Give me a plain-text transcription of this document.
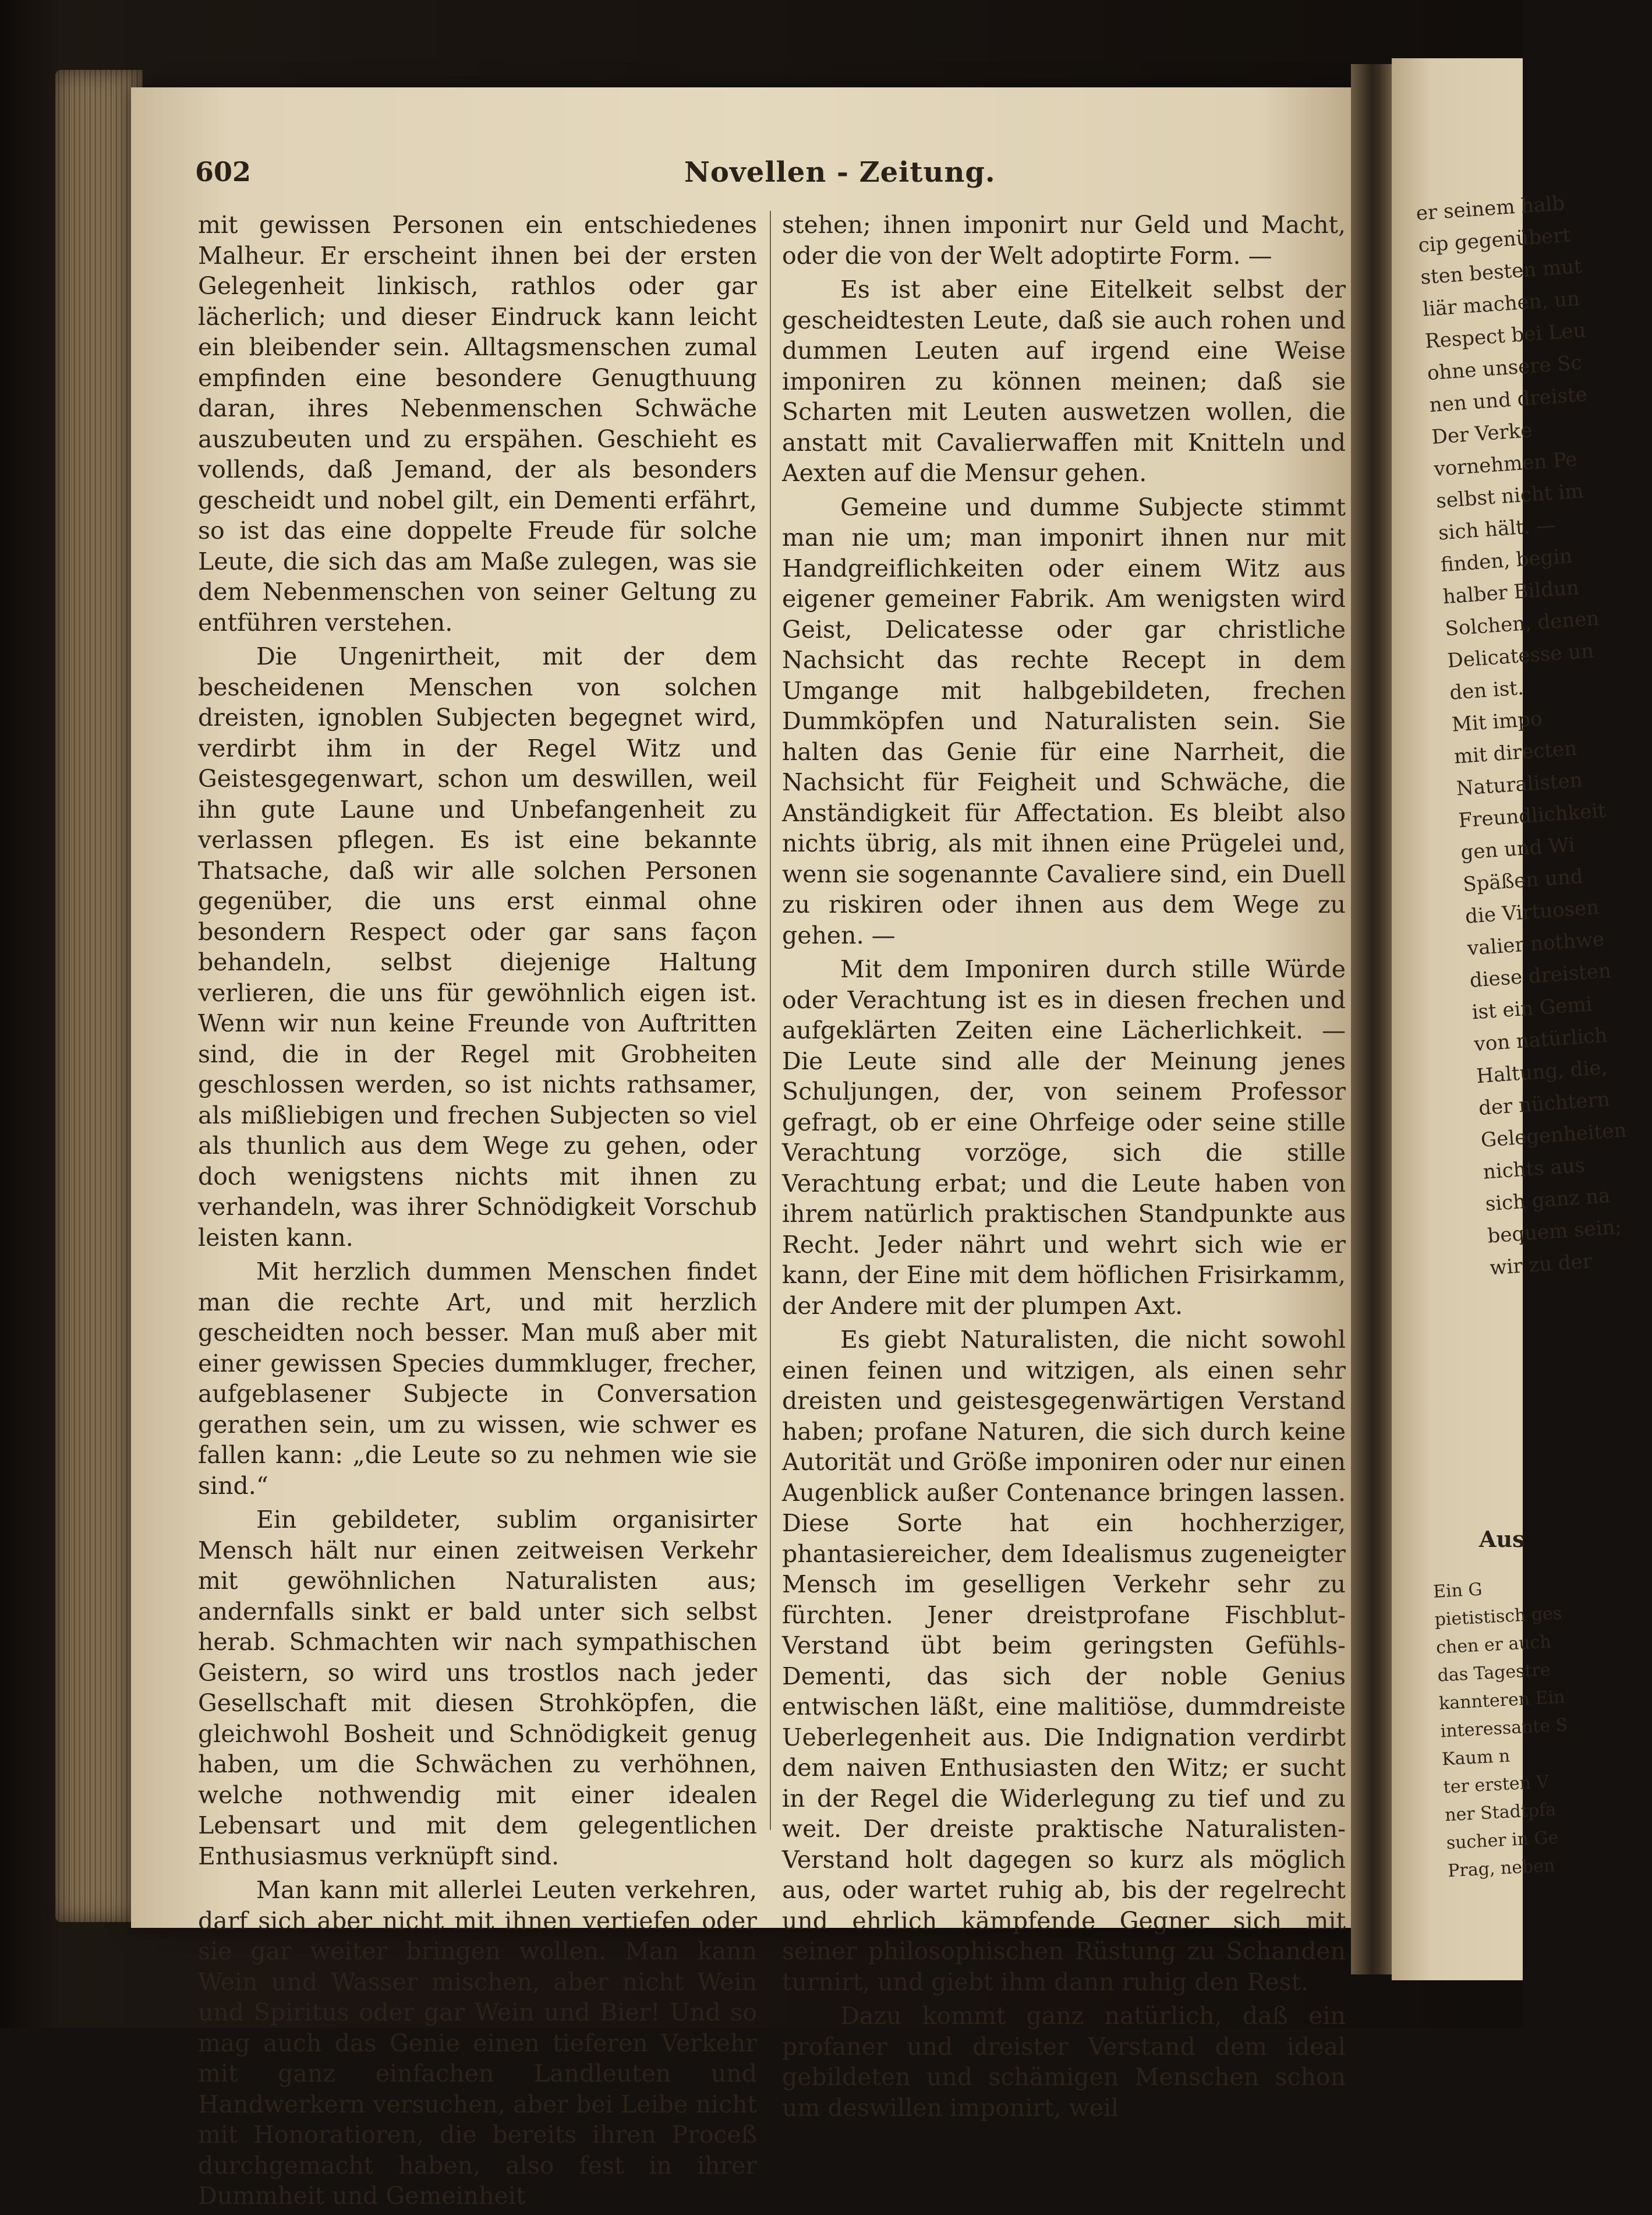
er seinem halb
cip gegenübert
sten besten mut
liär machen, un
Respect bei Leu
ohne unsere Sc
nen und dreiste
Der Verke
vornehmen Pe
selbst nicht im
sich hält. —
finden, begin
halber Bildun
Solchen, denen
Delicatesse un
den ist.
Mit impo
mit directen
Naturalisten
Freundlichkeit
gen und Wi
Späßen und
die Virtuosen
valier nothwe
diese dreisten
ist ein Gemi
von natürlich
Haltung, die,
der nüchtern
Gelegenheiten
nichts aus
sich ganz na
bequem sein;
wir zu der
Aus
Ein G
pietistisch ges
chen er auch
das Tagestre
kannteren Ein
interessante S
Kaum n
ter ersten V
ner Stadtpfa
sucher in Ge
Prag, neben
602	Novellen - Zeitung.

mit gewissen Personen ein entschiedenes Malheur. Er erscheint ihnen bei der ersten Gelegenheit linkisch, rathlos oder gar lächerlich; und dieser Eindruck kann leicht ein bleibender sein. Alltagsmenschen zumal empfinden eine besondere Genugthuung daran, ihres Nebenmenschen Schwäche auszubeuten und zu erspähen. Geschieht es vollends, daß Jemand, der als besonders gescheidt und nobel gilt, ein Dementi erfährt, so ist das eine doppelte Freude für solche Leute, die sich das am Maße zulegen, was sie dem Nebenmenschen von seiner Geltung zu entführen verstehen.

Die Ungenirtheit, mit der dem bescheidenen Menschen von solchen dreisten, ignoblen Subjecten begegnet wird, verdirbt ihm in der Regel Witz und Geistesgegenwart, schon um deswillen, weil ihn gute Laune und Unbefangenheit zu verlassen pflegen. Es ist eine bekannte Thatsache, daß wir alle solchen Personen gegenüber, die uns erst einmal ohne besondern Respect oder gar sans façon behandeln, selbst diejenige Haltung verlieren, die uns für gewöhnlich eigen ist. Wenn wir nun keine Freunde von Auftritten sind, die in der Regel mit Grobheiten geschlossen werden, so ist nichts rathsamer, als mißliebigen und frechen Subjecten so viel als thunlich aus dem Wege zu gehen, oder doch wenigstens nichts mit ihnen zu verhandeln, was ihrer Schnödigkeit Vorschub leisten kann.

Mit herzlich dummen Menschen findet man die rechte Art, und mit herzlich gescheidten noch besser. Man muß aber mit einer gewissen Species dummkluger, frecher, aufgeblasener Subjecte in Conversation gerathen sein, um zu wissen, wie schwer es fallen kann: „die Leute so zu nehmen wie sie sind.“

Ein gebildeter, sublim organisirter Mensch hält nur einen zeitweisen Verkehr mit gewöhnlichen Naturalisten aus; andernfalls sinkt er bald unter sich selbst herab. Schmachten wir nach sympathischen Geistern, so wird uns trostlos nach jeder Gesellschaft mit diesen Strohköpfen, die gleichwohl Bosheit und Schnödigkeit genug haben, um die Schwächen zu verhöhnen, welche nothwendig mit einer idealen Lebensart und mit dem gelegentlichen Enthusiasmus verknüpft sind.

Man kann mit allerlei Leuten verkehren, darf sich aber nicht mit ihnen vertiefen oder sie gar weiter bringen wollen. Man kann Wein und Wasser mischen, aber nicht Wein und Spiritus oder gar Wein und Bier! Und so mag auch das Genie einen tieferen Verkehr mit ganz einfachen Landleuten und Handwerkern versuchen, aber bei Leibe nicht mit Honoratioren, die bereits ihren Proceß durchgemacht haben, also fest in ihrer Dummheit und Gemeinheit

stehen; ihnen imponirt nur Geld und Macht, oder die von der Welt adoptirte Form. —

Es ist aber eine Eitelkeit selbst der gescheidtesten Leute, daß sie auch rohen und dummen Leuten auf irgend eine Weise imponiren zu können meinen; daß sie Scharten mit Leuten auswetzen wollen, die anstatt mit Cavalierwaffen mit Knitteln und Aexten auf die Mensur gehen.

Gemeine und dumme Subjecte stimmt man nie um; man imponirt ihnen nur mit Handgreiflichkeiten oder einem Witz aus eigener gemeiner Fabrik. Am wenigsten wird Geist, Delicatesse oder gar christliche Nachsicht das rechte Recept in dem Umgange mit halbgebildeten, frechen Dummköpfen und Naturalisten sein. Sie halten das Genie für eine Narrheit, die Nachsicht für Feigheit und Schwäche, die Anständigkeit für Affectation. Es bleibt also nichts übrig, als mit ihnen eine Prügelei und, wenn sie sogenannte Cavaliere sind, ein Duell zu riskiren oder ihnen aus dem Wege zu gehen. —

Mit dem Imponiren durch stille Würde oder Verachtung ist es in diesen frechen und aufgeklärten Zeiten eine Lächerlichkeit. — Die Leute sind alle der Meinung jenes Schuljungen, der, von seinem Professor gefragt, ob er eine Ohrfeige oder seine stille Verachtung vorzöge, sich die stille Verachtung erbat; und die Leute haben von ihrem natürlich praktischen Standpunkte aus Recht. Jeder nährt und wehrt sich wie er kann, der Eine mit dem höflichen Frisirkamm, der Andere mit der plumpen Axt.

Es giebt Naturalisten, die nicht sowohl einen feinen und witzigen, als einen sehr dreisten und geistesgegenwärtigen Verstand haben; profane Naturen, die sich durch keine Autorität und Größe imponiren oder nur einen Augenblick außer Contenance bringen lassen. Diese Sorte hat ein hochherziger, phantasiereicher, dem Idealismus zugeneigter Mensch im geselligen Verkehr sehr zu fürchten. Jener dreistprofane Fischblut-Verstand übt beim geringsten Gefühls-Dementi, das sich der noble Genius entwischen läßt, eine malitiöse, dummdreiste Ueberlegenheit aus. Die Indignation verdirbt dem naiven Enthusiasten den Witz; er sucht in der Regel die Widerlegung zu tief und zu weit. Der dreiste praktische Naturalisten-Verstand holt dagegen so kurz als möglich aus, oder wartet ruhig ab, bis der regelrecht und ehrlich kämpfende Gegner sich mit seiner philosophischen Rüstung zu Schanden turnirt, und giebt ihm dann ruhig den Rest.

Dazu kommt ganz natürlich, daß ein profaner und dreister Verstand dem ideal gebildeten und schämigen Menschen schon um deswillen imponirt, weil
